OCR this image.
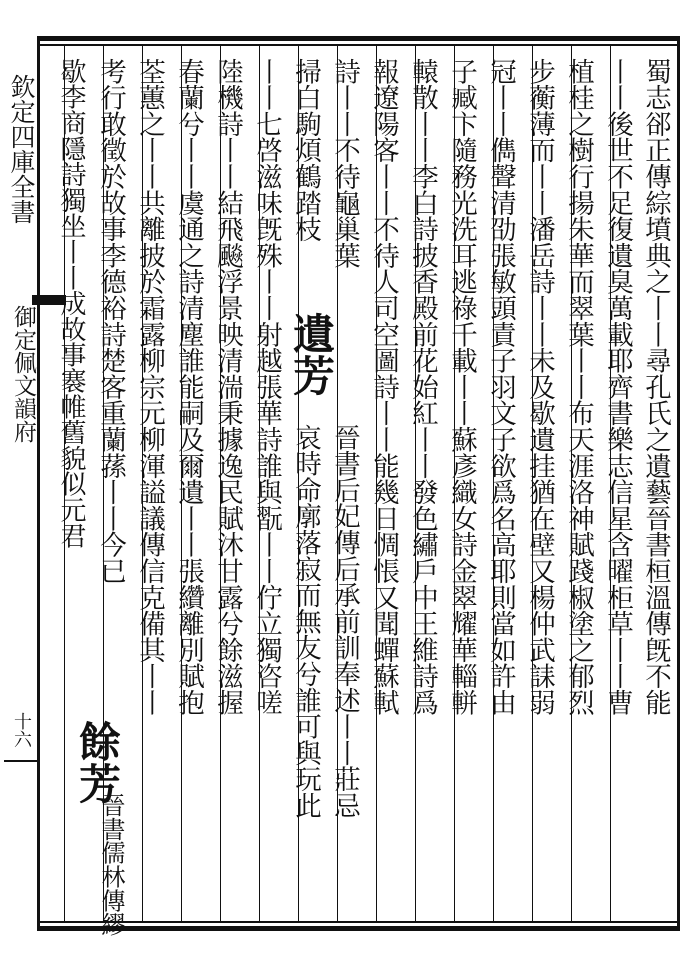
欽定四庫全書
御定佩文韻府
十六
蜀志郤正傳綜墳典之丨丨尋孔氏之遺藝晉書桓溫傳旣不能
丨丨後世不足復遺臭萬載耶齊書樂志信星含曜柜草丨丨曹
植桂之樹行揚朱華而翠葉丨丨布天涯洛神賦踐椒塗之郁烈
步蘅薄而丨丨潘岳詩丨丨未及歇遺挂猶在壁又楊仲武誄弱
冠丨丨儁聲清劭張敏頭責子羽文子欲爲名高耶則當如許由
子臧卞隨務光洗耳逃祿千載丨丨蘇彥織女詩金翠耀華輜軿
轅散丨丨李白詩披香殿前花始紅丨丨發色繡戶中王維詩爲
報遼陽客丨丨不待人司空圖詩丨丨能幾日惆悵又聞蟬蘇軾
詩丨丨不待龜巢葉
晉書后妃傳后承前訓奉述丨丨莊忌
遺芳
掃白駒煩鶴踏枝
哀時命廓落寂而無友兮誰可與玩此
丨丨七啓滋味旣殊丨丨射越張華詩誰與翫丨丨佇立獨咨嗟
陸機詩丨丨結飛飈浮景映清湍秉據逸民賦沐甘露兮餘滋握
春蘭兮丨丨虞通之詩清塵誰能嗣及爾遺丨丨張纘離別賦抱
荃蕙之丨丨共離披於霜露柳宗元柳渾謚議傳信克備其丨丨
考行敢徵於故事李德裕詩楚客重蘭蓀丨丨今已
歇李商隱詩獨坐丨丨成故事褰帷舊貌似元君
餘芳
晉書儒林傳繆
